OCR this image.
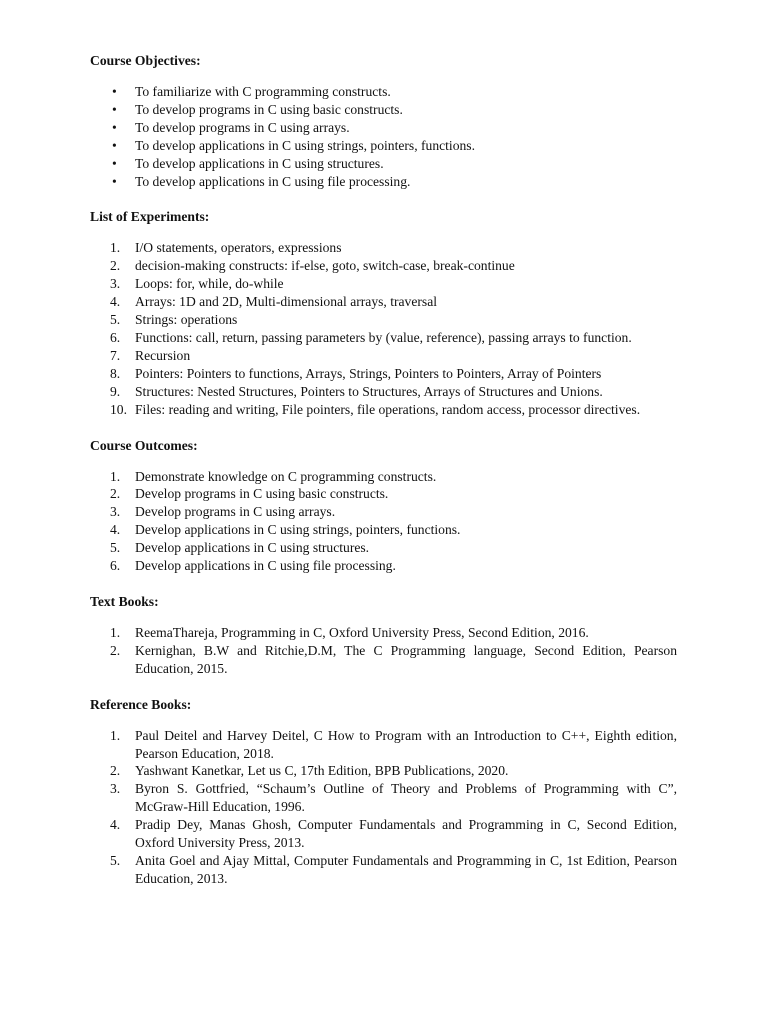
Course Objectives:
• To familiarize with C programming constructs.
• To develop programs in C using basic constructs.
• To develop programs in C using arrays.
• To develop applications in C using strings, pointers, functions.
• To develop applications in C using structures.
• To develop applications in C using file processing.
List of Experiments:
1.	I/O statements, operators, expressions
2.	decision-making constructs: if-else, goto, switch-case, break-continue
3.	Loops: for, while, do-while
4.	Arrays: 1D and 2D, Multi-dimensional arrays, traversal
5.	Strings: operations
6.	Functions: call, return, passing parameters by (value, reference), passing arrays to function.
7.	Recursion
8.	Pointers: Pointers to functions, Arrays, Strings, Pointers to Pointers, Array of Pointers
9.	Structures: Nested Structures, Pointers to Structures, Arrays of Structures and Unions.
10. Files: reading and writing, File pointers, file operations, random access, processor directives.
Course Outcomes:
1.	Demonstrate knowledge on C programming constructs.
2.	Develop programs in C using basic constructs.
3.	Develop programs in C using arrays.
4.	Develop applications in C using strings, pointers, functions.
5.	Develop applications in C using structures.
6.	Develop applications in C using file processing.
Text Books:
1.	ReemaThareja, Programming in C, Oxford University Press, Second Edition, 2016.
2.	Kernighan, B.W and Ritchie,D.M, The C Programming language, Second Edition, Pearson Education, 2015.
Reference Books:
1.	Paul Deitel and Harvey Deitel, C How to Program with an Introduction to C++, Eighth edition, Pearson Education, 2018.
2.	Yashwant Kanetkar, Let us C, 17th Edition, BPB Publications, 2020.
3.	Byron S. Gottfried, “Schaum’s Outline of Theory and Problems of Programming with C”, McGraw-Hill Education, 1996.
4.	Pradip Dey, Manas Ghosh, Computer Fundamentals and Programming in C, Second Edition, Oxford University Press, 2013.
5.	Anita Goel and Ajay Mittal, Computer Fundamentals and Programming in C, 1st Edition, Pearson Education, 2013.
